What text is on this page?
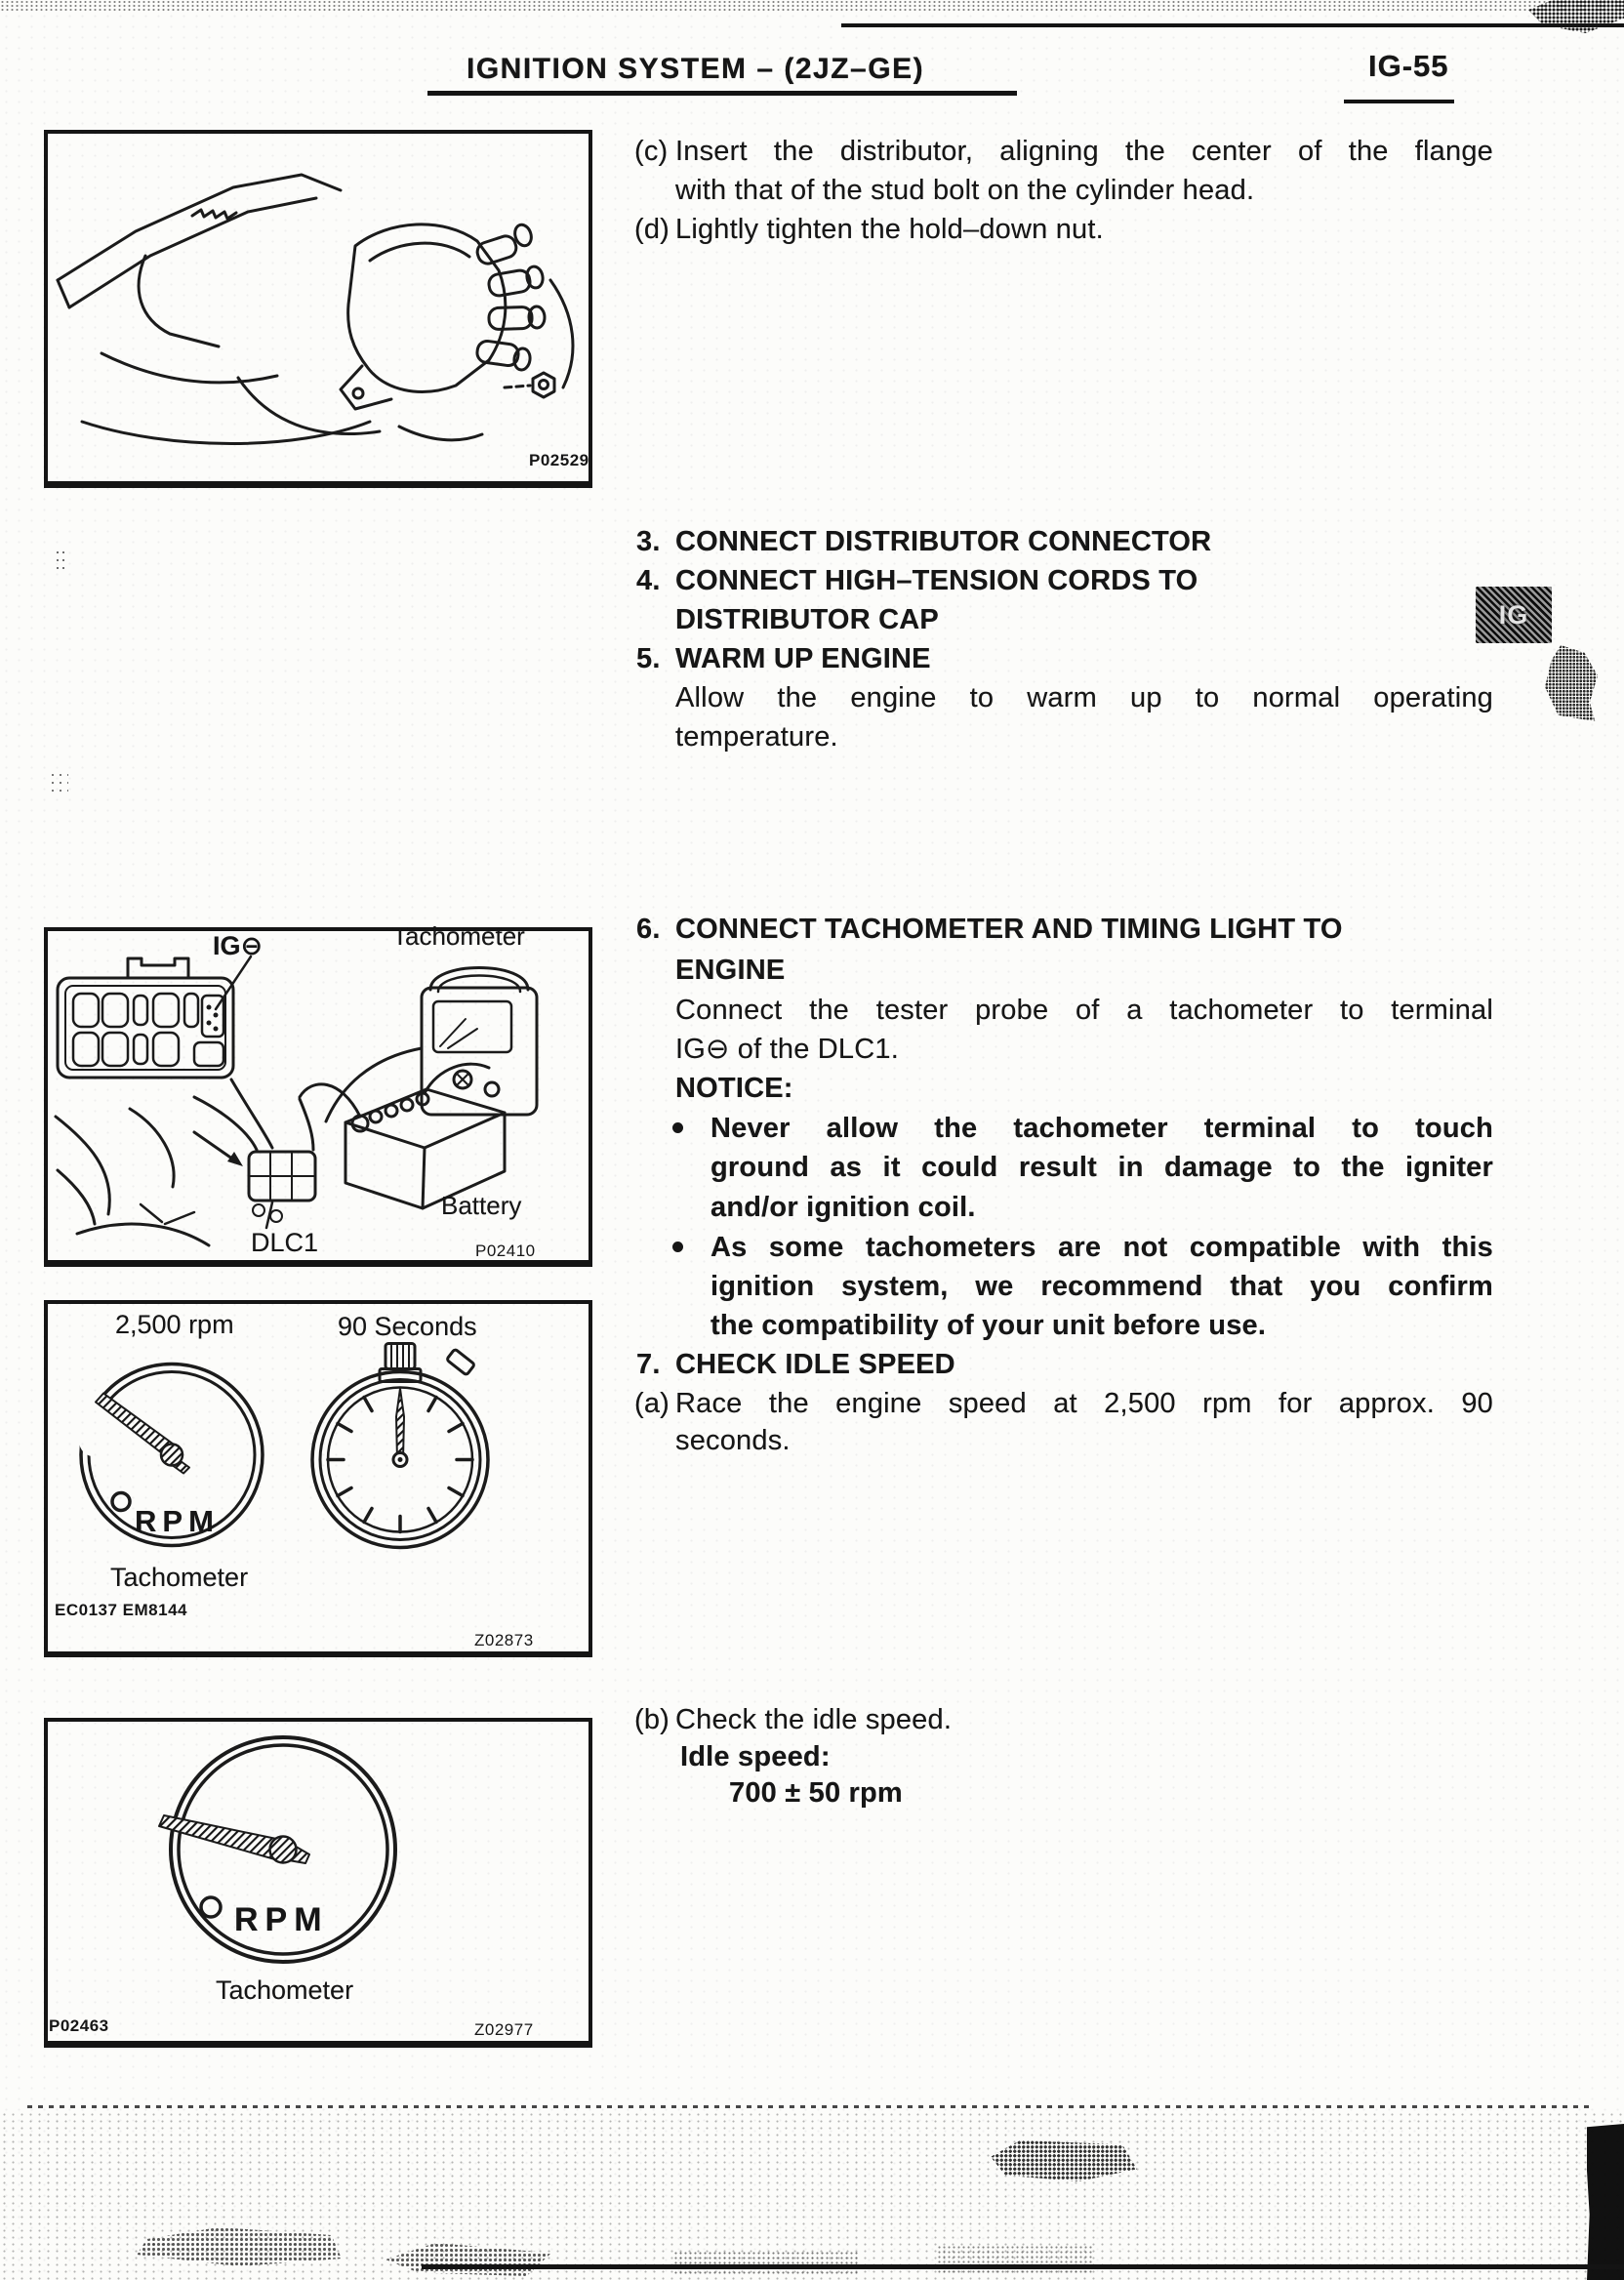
IGNITION SYSTEM – (2JZ–GE)	IG-55
IG
P02529
(c) Insert the distributor, aligning the center of the flange
with that of the stud bolt on the cylinder head.
(d) Lightly tighten the hold–down nut.
3. CONNECT DISTRIBUTOR CONNECTOR
4. CONNECT HIGH–TENSION CORDS TO
DISTRIBUTOR CAP
5. WARM UP ENGINE
Allow the engine to warm up to normal operating
temperature.
IG⊖	Tachometer
Battery
DLC1	P02410
6. CONNECT TACHOMETER AND TIMING LIGHT TO
ENGINE
Connect the tester probe of a tachometer to terminal
IG⊖ of the DLC1.
NOTICE:
Never allow the tachometer terminal to touch
ground as it could result in damage to the igniter
and/or ignition coil.
As some tachometers are not compatible with this
ignition system, we recommend that you confirm
the compatibility of your unit before use.
7. CHECK IDLE SPEED
(a) Race the engine speed at 2,500 rpm for approx. 90
seconds.
2,500 rpm	90 Seconds
RPM
Tachometer
EC0137 EM8144
Z02873
(b) Check the idle speed.
Idle speed:
700 ± 50 rpm
RPM
Tachometer
P02463	Z02977
